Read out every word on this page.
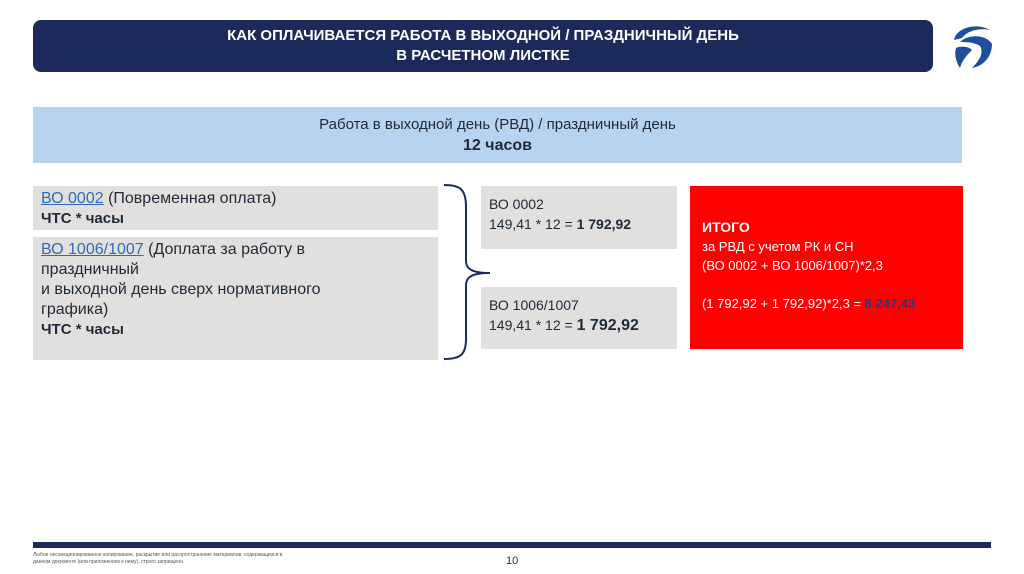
КАК ОПЛАЧИВАЕТСЯ РАБОТА В ВЫХОДНОЙ / ПРАЗДНИЧНЫЙ ДЕНЬ
В РАСЧЕТНОМ ЛИСТКЕ
Работа в выходной день (РВД) / праздничный день
12 часов
ВО 0002 (Повременная оплата)
ЧТС * часы
ВО 1006/1007 (Доплата за работу в
праздничный
и выходной день сверх нормативного
графика)
ЧТС * часы
ВО 0002
149,41 * 12 = 1 792,92
ВО 1006/1007
149,41 * 12 = 1 792,92
ИТОГО
за РВД с учетом РК и СН
(ВО 0002 + ВО 1006/1007)*2,3
(1 792,92 + 1 792,92)*2,3 = 8 247,43
Любое несанкционированное копирование, раскрытие или распространение материалов, содержащихся в данном документе (или приложениях к нему), строго запрещено.	10
